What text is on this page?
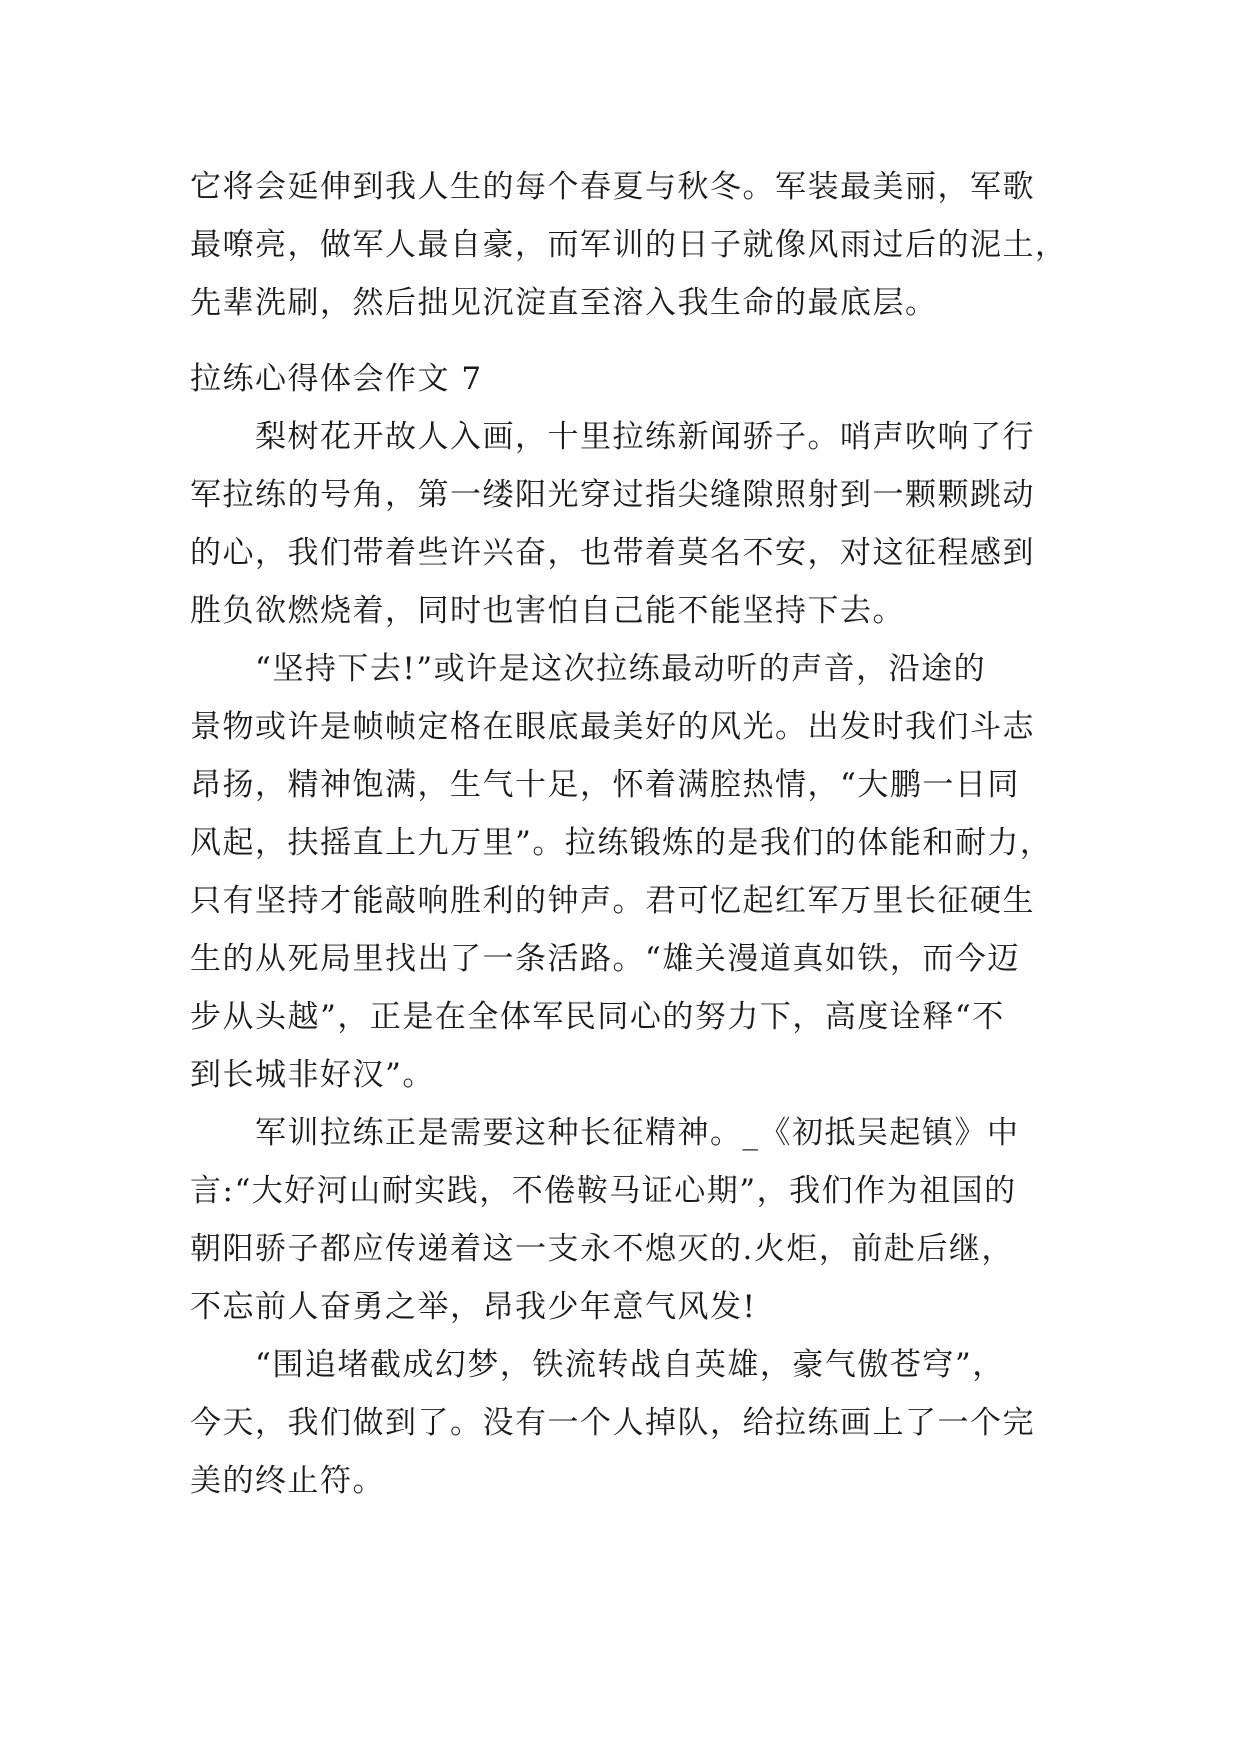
它将会延伸到我人生的每个春夏与秋冬。军装最美丽，军歌
最嘹亮，做军人最自豪，而军训的日子就像风雨过后的泥土，
先辈洗刷，然后拙见沉淀直至溶入我生命的最底层。
拉练心得体会作文 7
　　梨树花开故人入画，十里拉练新闻骄子。哨声吹响了行
军拉练的号角，第一缕阳光穿过指尖缝隙照射到一颗颗跳动
的心，我们带着些许兴奋，也带着莫名不安，对这征程感到
胜负欲燃烧着，同时也害怕自己能不能坚持下去。
　　“坚持下去!”或许是这次拉练最动听的声音，沿途的
景物或许是帧帧定格在眼底最美好的风光。出发时我们斗志
昂扬，精神饱满，生气十足，怀着满腔热情，“大鹏一日同
风起，扶摇直上九万里”。拉练锻炼的是我们的体能和耐力，
只有坚持才能敲响胜利的钟声。君可忆起红军万里长征硬生
生的从死局里找出了一条活路。“雄关漫道真如铁，而今迈
步从头越”，正是在全体军民同心的努力下，高度诠释“不
到长城非好汉”。
　　军训拉练正是需要这种长征精神。_《初抵吴起镇》中
言:“大好河山耐实践，不倦鞍马证心期”，我们作为祖国的
朝阳骄子都应传递着这一支永不熄灭的.火炬，前赴后继，
不忘前人奋勇之举，昂我少年意气风发!
　　“围追堵截成幻梦，铁流转战自英雄，豪气傲苍穹”，
今天，我们做到了。没有一个人掉队，给拉练画上了一个完
美的终止符。
